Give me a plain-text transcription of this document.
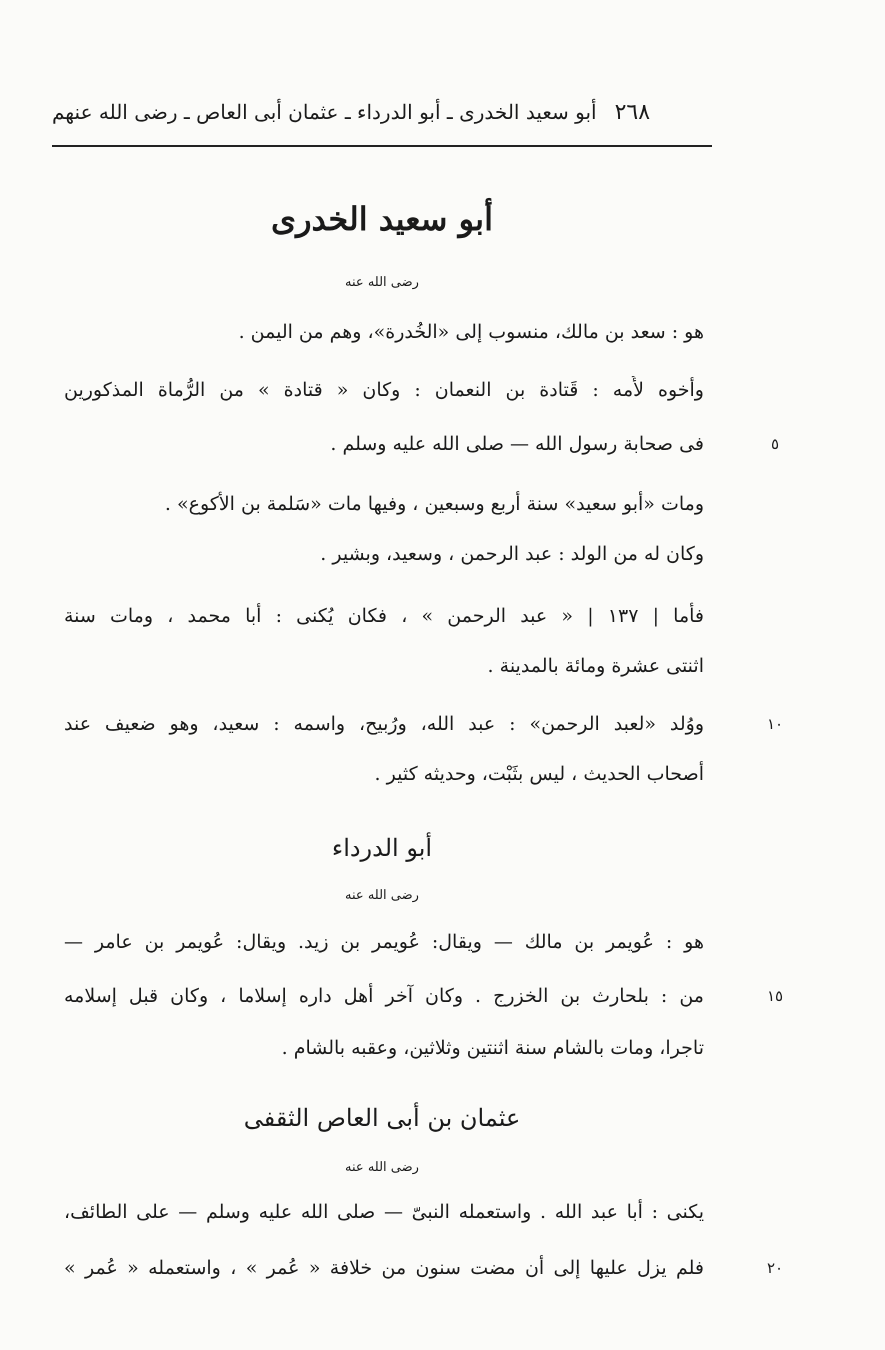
٢٦٨
أبو سعيد الخدرى ـ أبو الدرداء ـ عثمان أبى العاص ـ رضى الله عنهم
أبو سعيد الخدرى
رضى الله عنه
هو : سعد بن مالك، منسوب إلى «الخُدرة»، وهم من اليمن .
وأخوه لأُمه : قَتادة بن النعمان : وكان « قتادة » من الرُّماة المذكورين
فى صحابة رسول الله — صلى الله عليه وسلم .
ومات «أبو سعيد» سنة أربع وسبعين ، وفيها مات «سَلمة بن الأكوع» .
وكان له من الولد : عبد الرحمن ، وسعيد، وبشير .
فأما | ١٣٧ | « عبد الرحمن » ، فكان يُكنى : أبا محمد ، ومات سنة
اثنتى عشرة ومائة بالمدينة .
ووُلد «لعبد الرحمن» : عبد الله، ورُبيح، واسمه : سعيد، وهو ضعيف عند
أصحاب الحديث ، ليس بثَبْت، وحديثه كثير .
أبو الدرداء
رضى الله عنه
هو : عُويمر بن مالك — ويقال: عُويمر بن زيد. ويقال: عُويمر بن عامر —
من : بلحارث بن الخزرج . وكان آخر أهل داره إسلاما ، وكان قبل إسلامه
تاجرا، ومات بالشام سنة اثنتين وثلاثين، وعقبه بالشام .
عثمان بن أبى العاص الثقفى
رضى الله عنه
يكنى : أبا عبد الله . واستعمله النبىّ — صلى الله عليه وسلم — على الطائف،
فلم يزل عليها إلى أن مضت سنون من خلافة « عُمر » ، واستعمله « عُمر »
٥
١٠
١٥
٢٠
